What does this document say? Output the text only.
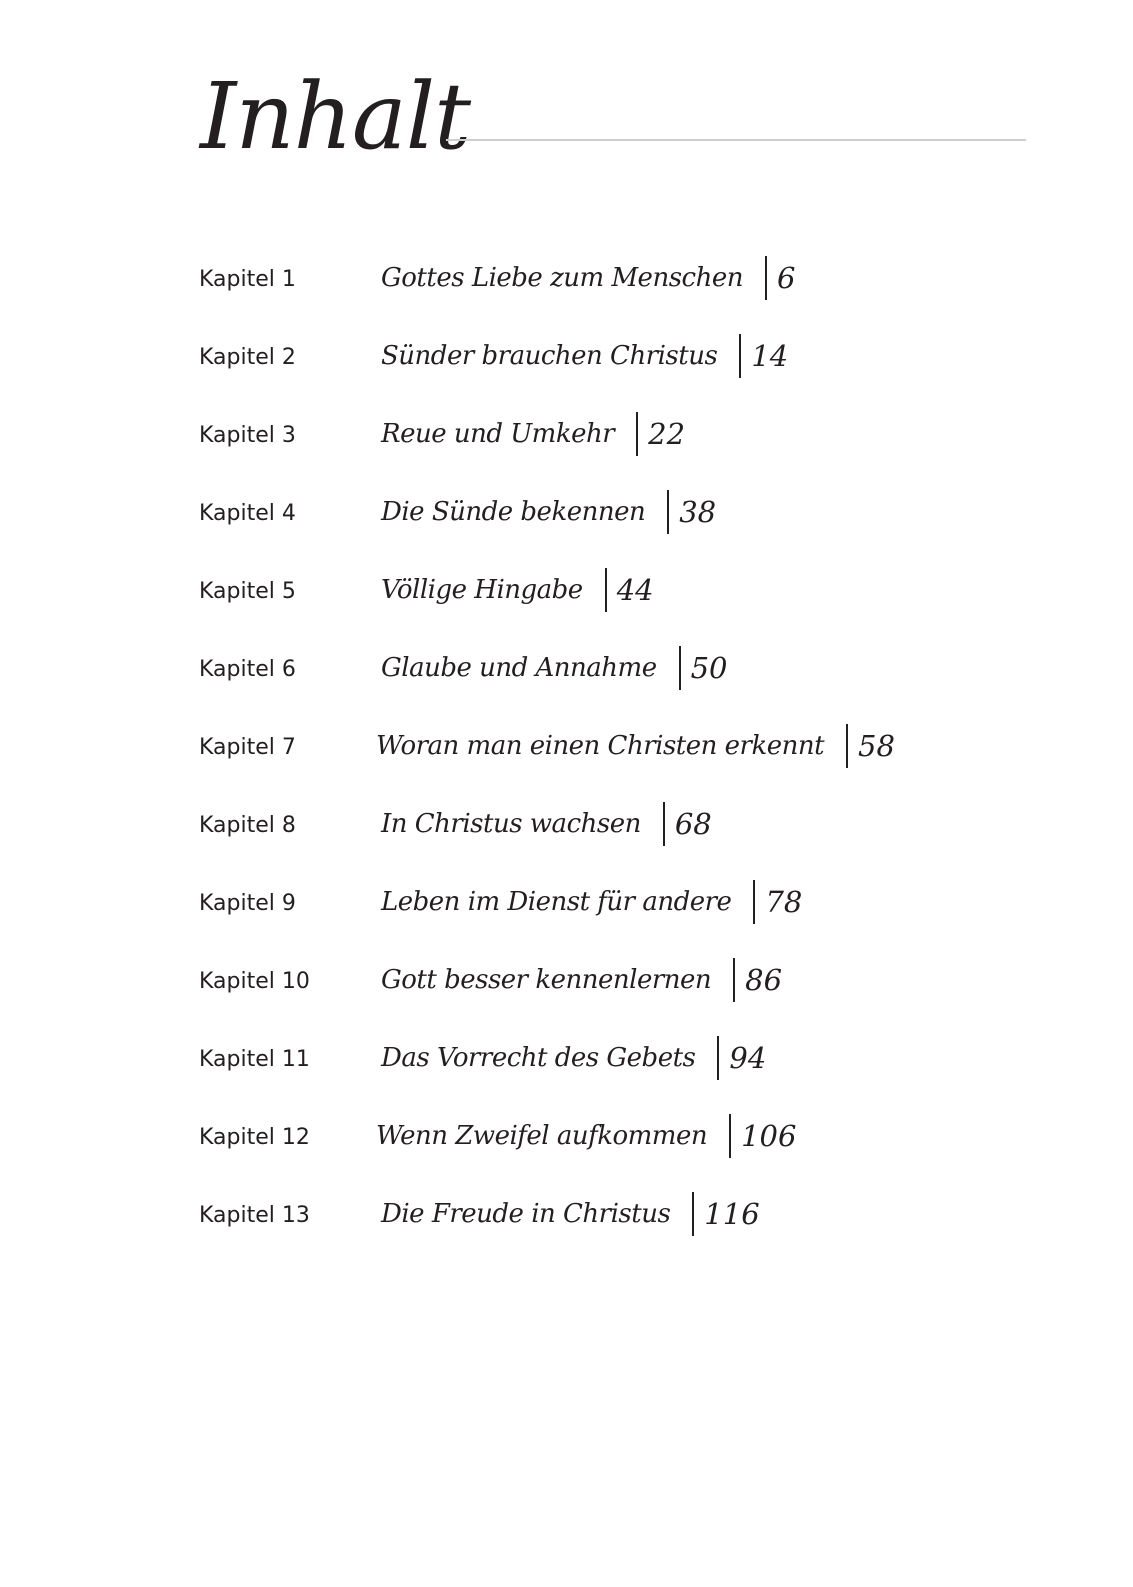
Inhalt
Kapitel 1	Gottes Liebe zum Menschen 6
Kapitel 2	Sünder brauchen Christus 14
Kapitel 3	Reue und Umkehr 22
Kapitel 4	Die Sünde bekennen 38
Kapitel 5	Völlige Hingabe 44
Kapitel 6	Glaube und Annahme 50
Kapitel 7	Woran man einen Christen erkennt 58
Kapitel 8	In Christus wachsen 68
Kapitel 9	Leben im Dienst für andere 78
Kapitel 10	Gott besser kennenlernen 86
Kapitel 11	Das Vorrecht des Gebets 94
Kapitel 12	Wenn Zweifel aufkommen 106
Kapitel 13	Die Freude in Christus 116
